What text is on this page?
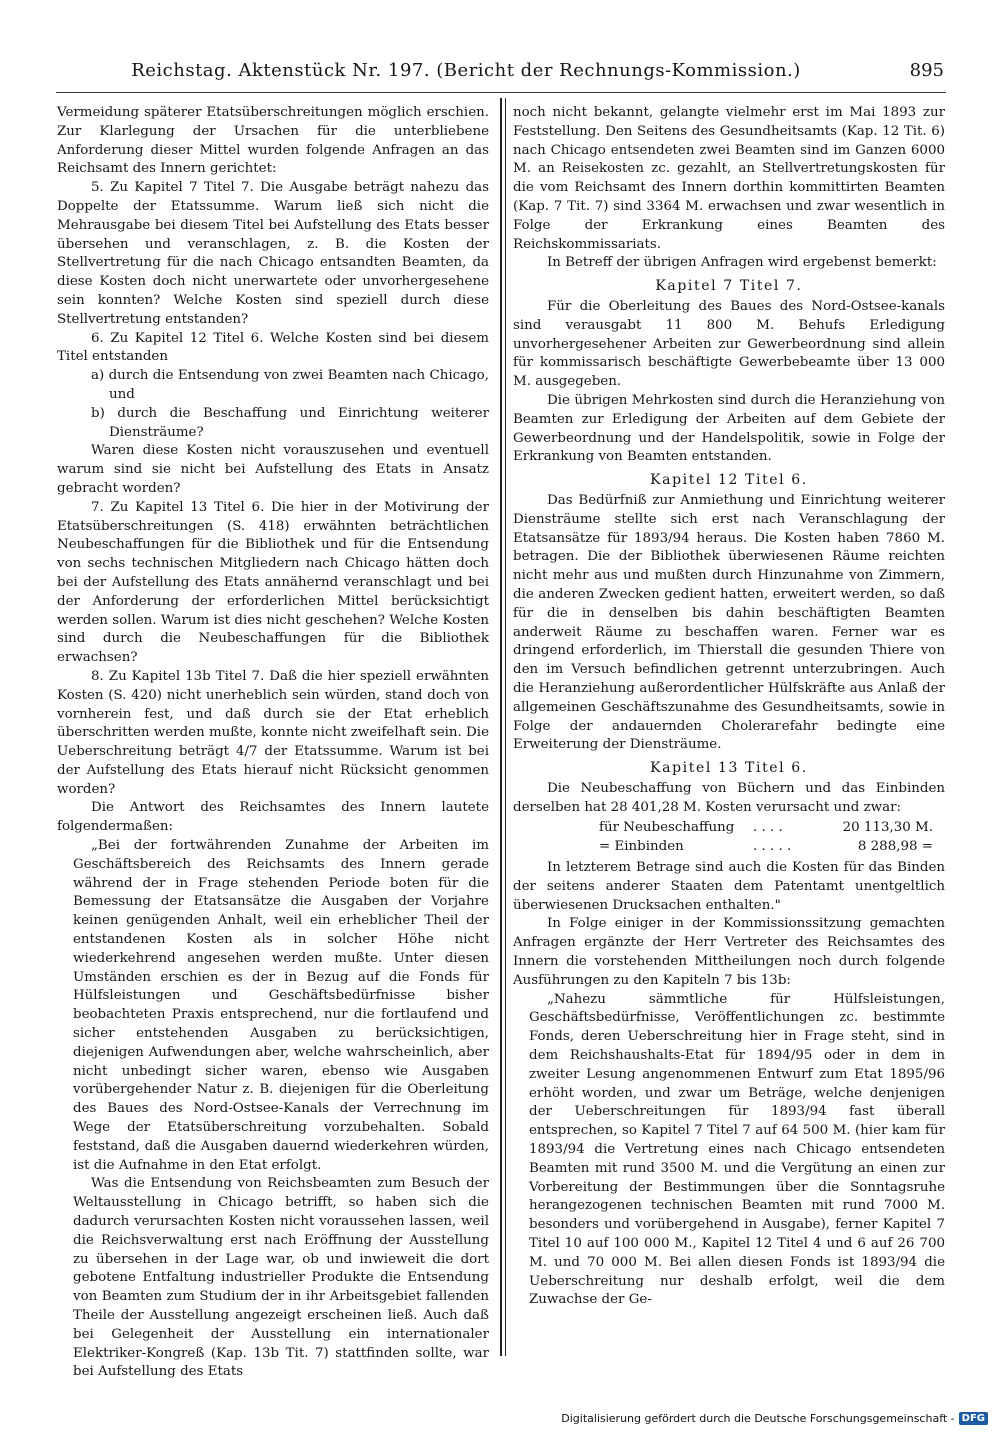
Reichstag. Aktenstück Nr. 197. (Bericht der Rechnungs-Kommission.)	895

Vermeidung späterer Etatsüberschreitungen möglich erschien. Zur Klarlegung der Ursachen für die unterbliebene Anforderung dieser Mittel wurden folgende Anfragen an das Reichsamt des Innern gerichtet:

5. Zu Kapitel 7 Titel 7. Die Ausgabe beträgt nahezu das Doppelte der Etatssumme. Warum ließ sich nicht die Mehrausgabe bei diesem Titel bei Aufstellung des Etats besser übersehen und veranschlagen, z. B. die Kosten der Stellvertretung für die nach Chicago entsandten Beamten, da diese Kosten doch nicht unerwartete oder unvorhergesehene sein konnten? Welche Kosten sind speziell durch diese Stellvertretung entstanden?

6. Zu Kapitel 12 Titel 6. Welche Kosten sind bei diesem Titel entstanden

a) durch die Entsendung von zwei Beamten nach Chicago, und

b) durch die Beschaffung und Einrichtung weiterer Diensträume?

Waren diese Kosten nicht vorauszusehen und eventuell warum sind sie nicht bei Aufstellung des Etats in Ansatz gebracht worden?

7. Zu Kapitel 13 Titel 6. Die hier in der Motivirung der Etatsüberschreitungen (S. 418) erwähnten beträchtlichen Neubeschaffungen für die Bibliothek und für die Entsendung von sechs technischen Mitgliedern nach Chicago hätten doch bei der Aufstellung des Etats annähernd veranschlagt und bei der Anforderung der erforderlichen Mittel berücksichtigt werden sollen. Warum ist dies nicht geschehen? Welche Kosten sind durch die Neubeschaffungen für die Bibliothek erwachsen?

8. Zu Kapitel 13b Titel 7. Daß die hier speziell erwähnten Kosten (S. 420) nicht unerheblich sein würden, stand doch von vornherein fest, und daß durch sie der Etat erheblich überschritten werden mußte, konnte nicht zweifelhaft sein. Die Ueberschreitung beträgt 4/7 der Etatssumme. Warum ist bei der Aufstellung des Etats hierauf nicht Rücksicht genommen worden?

Die Antwort des Reichsamtes des Innern lautete folgendermaßen:

„Bei der fortwährenden Zunahme der Arbeiten im Geschäftsbereich des Reichsamts des Innern gerade während der in Frage stehenden Periode boten für die Bemessung der Etatsansätze die Ausgaben der Vorjahre keinen genügenden Anhalt, weil ein erheblicher Theil der entstandenen Kosten als in solcher Höhe nicht wiederkehrend angesehen werden mußte. Unter diesen Umständen erschien es der in Bezug auf die Fonds für Hülfsleistungen und Geschäftsbedürfnisse bisher beobachteten Praxis entsprechend, nur die fortlaufend und sicher entstehenden Ausgaben zu berücksichtigen, diejenigen Aufwendungen aber, welche wahrscheinlich, aber nicht unbedingt sicher waren, ebenso wie Ausgaben vorübergehender Natur z. B. diejenigen für die Oberleitung des Baues des Nord-Ostsee-Kanals der Verrechnung im Wege der Etatsüberschreitung vorzubehalten. Sobald feststand, daß die Ausgaben dauernd wiederkehren würden, ist die Aufnahme in den Etat erfolgt.

Was die Entsendung von Reichsbeamten zum Besuch der Weltausstellung in Chicago betrifft, so haben sich die dadurch verursachten Kosten nicht voraussehen lassen, weil die Reichsverwaltung erst nach Eröffnung der Ausstellung zu übersehen in der Lage war, ob und inwieweit die dort gebotene Entfaltung industrieller Produkte die Entsendung von Beamten zum Studium der in ihr Arbeitsgebiet fallenden Theile der Ausstellung angezeigt erscheinen ließ. Auch daß bei Gelegenheit der Ausstellung ein internationaler Elektriker-Kongreß (Kap. 13b Tit. 7) stattfinden sollte, war bei Aufstellung des Etats

noch nicht bekannt, gelangte vielmehr erst im Mai 1893 zur Feststellung. Den Seitens des Gesundheitsamts (Kap. 12 Tit. 6) nach Chicago entsendeten zwei Beamten sind im Ganzen 6000 M. an Reisekosten zc. gezahlt, an Stellvertretungskosten für die vom Reichsamt des Innern dorthin kommittirten Beamten (Kap. 7 Tit. 7) sind 3364 M. erwachsen und zwar wesentlich in Folge der Erkrankung eines Beamten des Reichskommissariats.

In Betreff der übrigen Anfragen wird ergebenst bemerkt:

Kapitel 7 Titel 7.

Für die Oberleitung des Baues des Nord-Ostsee-kanals sind verausgabt 11 800 M. Behufs Erledigung unvorhergesehener Arbeiten zur Gewerbeordnung sind allein für kommissarisch beschäftigte Gewerbebeamte über 13 000 M. ausgegeben.

Die übrigen Mehrkosten sind durch die Heranziehung von Beamten zur Erledigung der Arbeiten auf dem Gebiete der Gewerbeordnung und der Handelspolitik, sowie in Folge der Erkrankung von Beamten entstanden.

Kapitel 12 Titel 6.

Das Bedürfniß zur Anmiethung und Einrichtung weiterer Diensträume stellte sich erst nach Veranschlagung der Etatsansätze für 1893/94 heraus. Die Kosten haben 7860 M. betragen. Die der Bibliothek überwiesenen Räume reichten nicht mehr aus und mußten durch Hinzunahme von Zimmern, die anderen Zwecken gedient hatten, erweitert werden, so daß für die in denselben bis dahin beschäftigten Beamten anderweit Räume zu beschaffen waren. Ferner war es dringend erforderlich, im Thierstall die gesunden Thiere von den im Versuch befindlichen getrennt unterzubringen. Auch die Heranziehung außerordentlicher Hülfskräfte aus Anlaß der allgemeinen Geschäftszunahme des Gesundheitsamts, sowie in Folge der andauernden Cholerагefahr bedingte eine Erweiterung der Diensträume.

Kapitel 13 Titel 6.

Die Neubeschaffung von Büchern und das Einbinden derselben hat 28 401,28 M. Kosten verursacht und zwar:

für Neubeschaffung	. . . .	20 113,30 M.
= Einbinden	. . . . .	8 288,98 =

In letzterem Betrage sind auch die Kosten für das Binden der seitens anderer Staaten dem Patentamt unentgeltlich überwiesenen Drucksachen enthalten."

In Folge einiger in der Kommissionssitzung gemachten Anfragen ergänzte der Herr Vertreter des Reichsamtes des Innern die vorstehenden Mittheilungen noch durch folgende Ausführungen zu den Kapiteln 7 bis 13b:

„Nahezu sämmtliche für Hülfsleistungen, Geschäftsbedürfnisse, Veröffentlichungen zc. bestimmte Fonds, deren Ueberschreitung hier in Frage steht, sind in dem Reichshaushalts-Etat für 1894/95 oder in dem in zweiter Lesung angenommenen Entwurf zum Etat 1895/96 erhöht worden, und zwar um Beträge, welche denjenigen der Ueberschreitungen für 1893/94 fast überall entsprechen, so Kapitel 7 Titel 7 auf 64 500 M. (hier kam für 1893/94 die Vertretung eines nach Chicago entsendeten Beamten mit rund 3500 M. und die Vergütung an einen zur Vorbereitung der Bestimmungen über die Sonntagsruhe herangezogenen technischen Beamten mit rund 7000 M. besonders und vorübergehend in Ausgabe), ferner Kapitel 7 Titel 10 auf 100 000 M., Kapitel 12 Titel 4 und 6 auf 26 700 M. und 70 000 M. Bei allen diesen Fonds ist 1893/94 die Ueberschreitung nur deshalb erfolgt, weil die dem Zuwachse der Ge-

Digitalisierung gefördert durch die Deutsche Forschungsgemeinschaft - DFG
